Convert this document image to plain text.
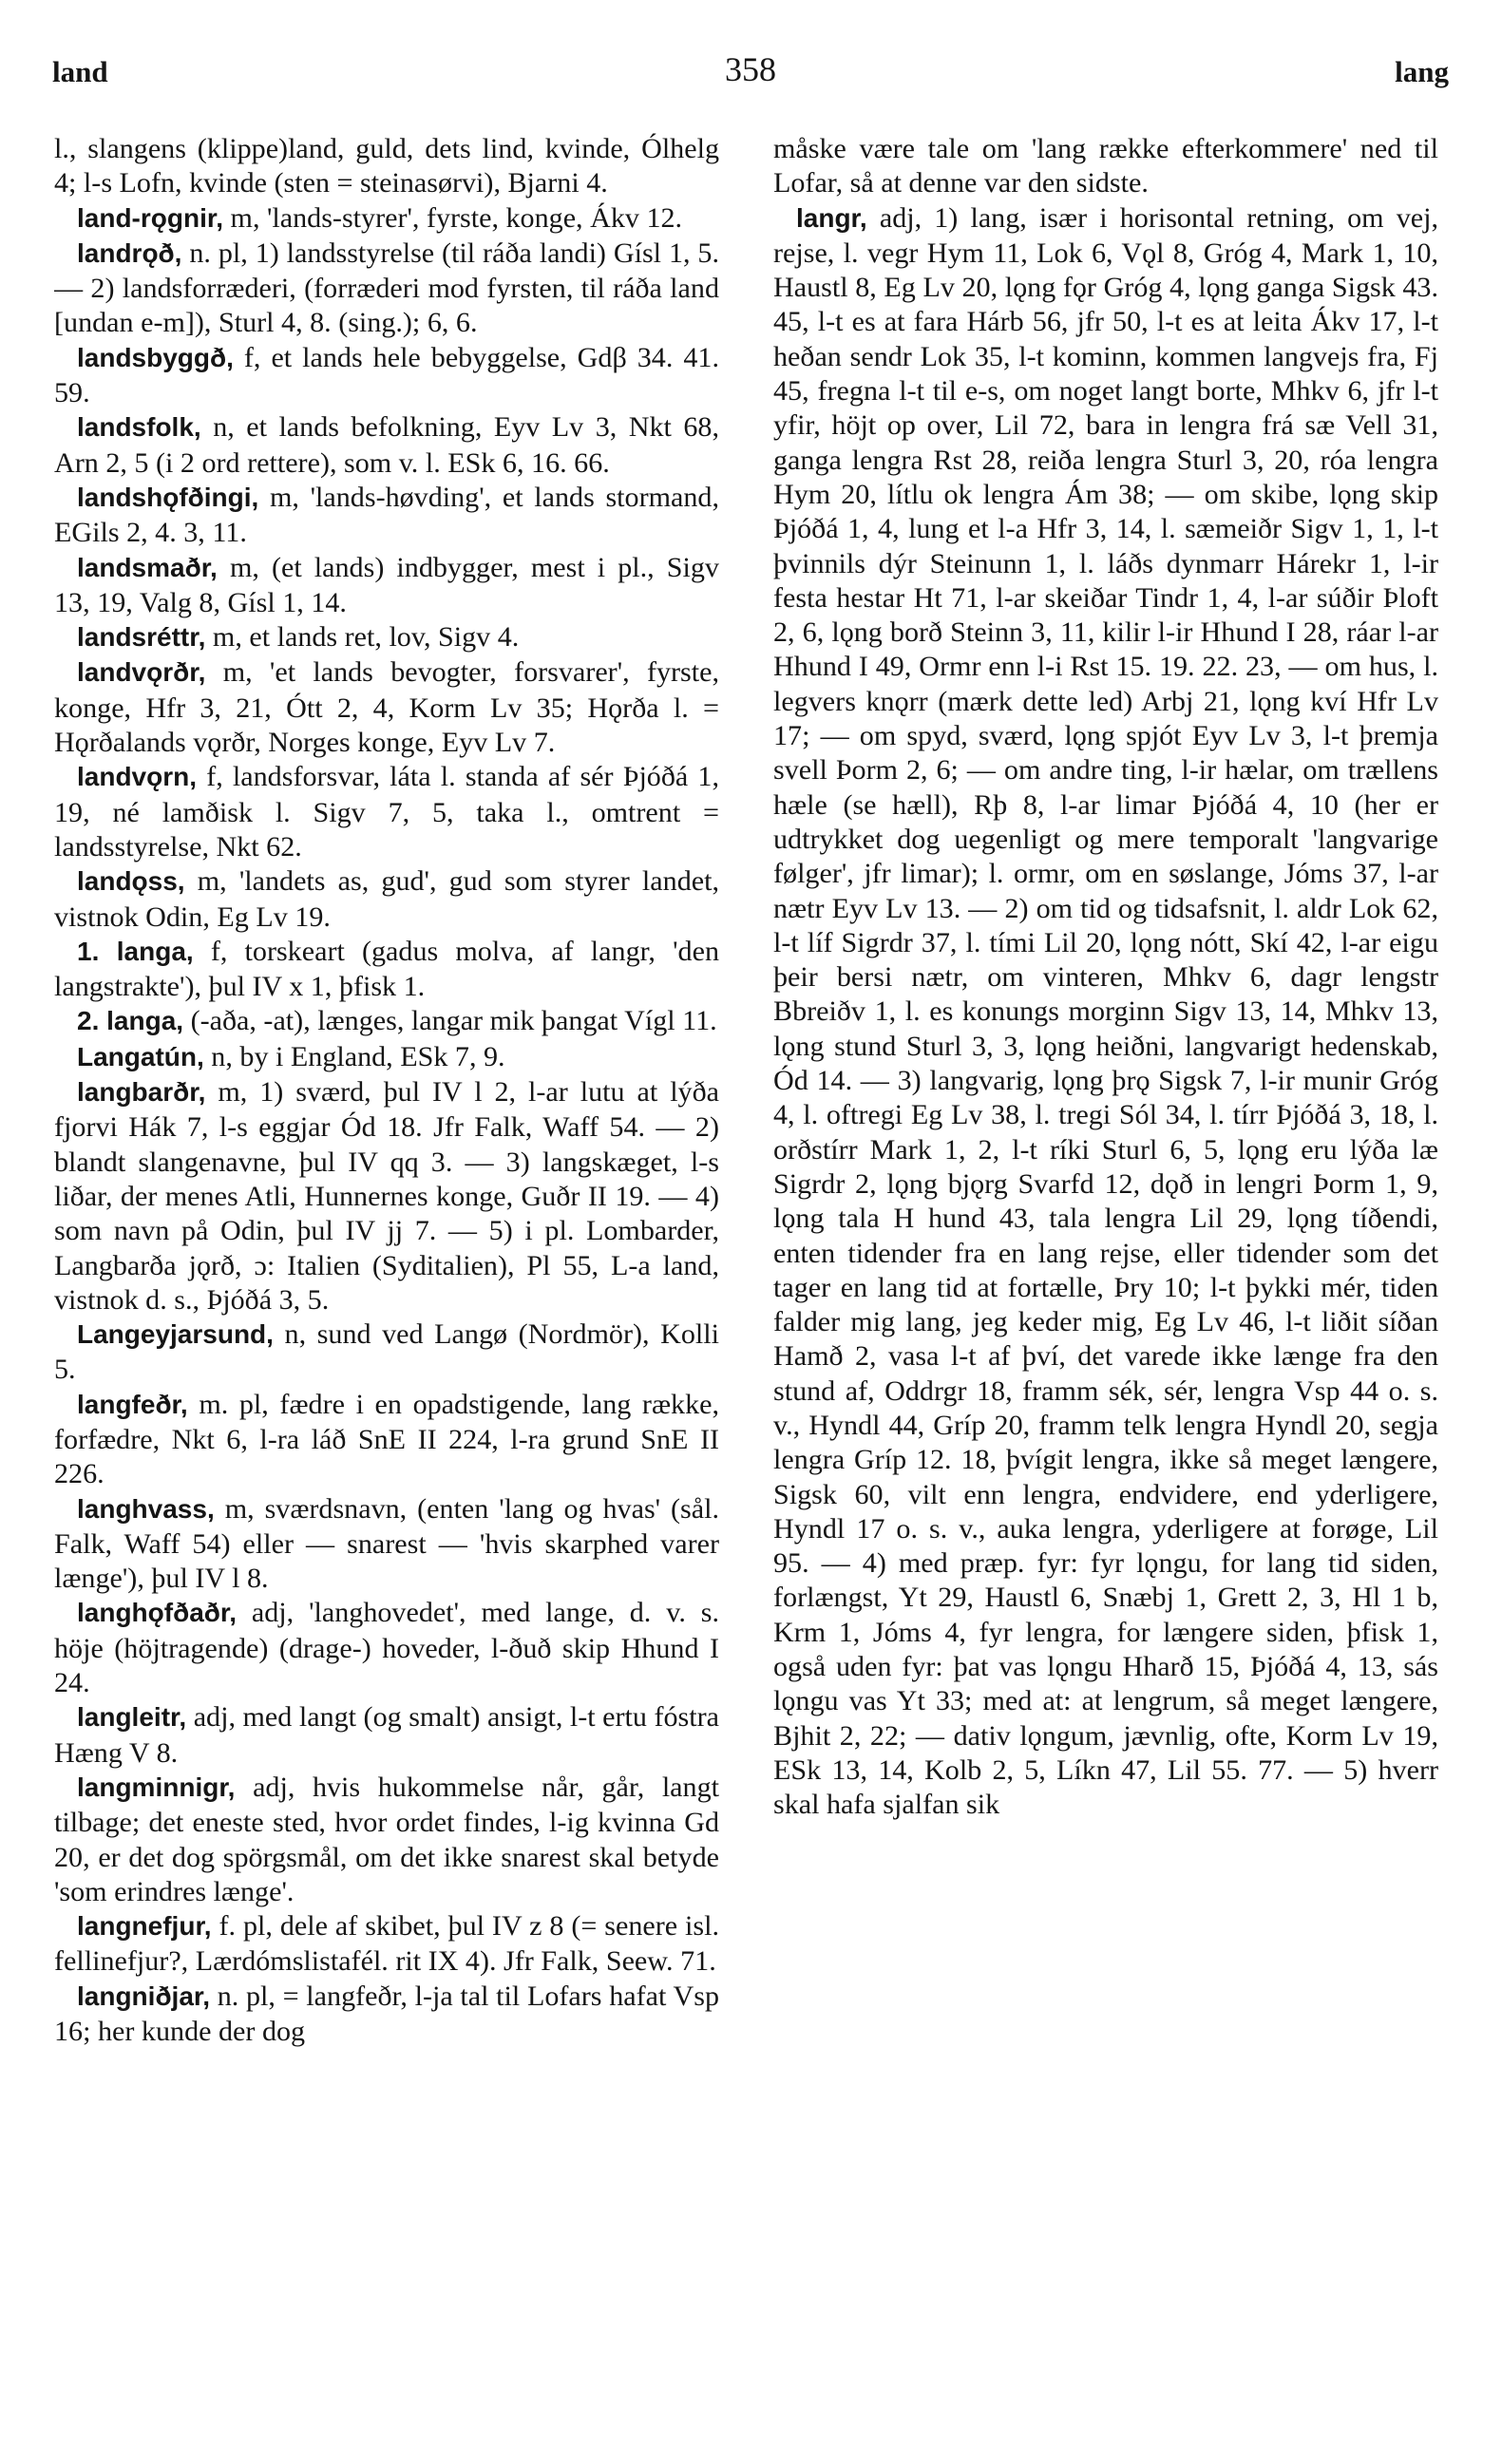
land	358	lang

l., slangens (klippe)land, guld, dets lind, kvinde, Ólhelg 4; l-s Lofn, kvinde (sten = steinasørvi), Bjarni 4.

land-rǫgnir, m, 'lands-styrer', fyrste, konge, Ákv 12.

landrǫð, n. pl, 1) landsstyrelse (til ráða landi) Gísl 1, 5. — 2) landsforræderi, (forræderi mod fyrsten, til ráða land [undan e-m]), Sturl 4, 8. (sing.); 6, 6.

landsbyggð, f, et lands hele bebyggelse, Gdβ 34. 41. 59.

landsfolk, n, et lands befolkning, Eyv Lv 3, Nkt 68, Arn 2, 5 (i 2 ord rettere), som v. l. ESk 6, 16. 66.

landshǫfðingi, m, 'lands-høvding', et lands stormand, EGils 2, 4. 3, 11.

landsmaðr, m, (et lands) indbygger, mest i pl., Sigv 13, 19, Valg 8, Gísl 1, 14.

landsréttr, m, et lands ret, lov, Sigv 4.

landvǫrðr, m, 'et lands bevogter, forsvarer', fyrste, konge, Hfr 3, 21, Ótt 2, 4, Korm Lv 35; Hǫrða l. = Hǫrðalands vǫrðr, Norges konge, Eyv Lv 7.

landvǫrn, f, landsforsvar, láta l. standa af sér Þjóðá 1, 19, né lamðisk l. Sigv 7, 5, taka l., omtrent = landsstyrelse, Nkt 62.

landǫss, m, 'landets as, gud', gud som styrer landet, vistnok Odin, Eg Lv 19.

1. langa, f, torskeart (gadus molva, af langr, 'den langstrakte'), þul IV x 1, þfisk 1.

2. langa, (-aða, -at), længes, langar mik þangat Vígl 11.

Langatún, n, by i England, ESk 7, 9.

langbarðr, m, 1) sværd, þul IV l 2, l-ar lutu at lýða fjorvi Hák 7, l-s eggjar Ód 18. Jfr Falk, Waff 54. — 2) blandt slangenavne, þul IV qq 3. — 3) langskæget, l-s liðar, der menes Atli, Hunnernes konge, Guðr II 19. — 4) som navn på Odin, þul IV jj 7. — 5) i pl. Lombarder, Langbarða jǫrð, ɔ: Italien (Syditalien), Pl 55, L-a land, vistnok d. s., Þjóðá 3, 5.

Langeyjarsund, n, sund ved Langø (Nordmör), Kolli 5.

langfeðr, m. pl, fædre i en opadstigende, lang række, forfædre, Nkt 6, l-ra láð SnE II 224, l-ra grund SnE II 226.

langhvass, m, sværdsnavn, (enten 'lang og hvas' (sål. Falk, Waff 54) eller — snarest — 'hvis skarphed varer længe'), þul IV l 8.

langhǫfðaðr, adj, 'langhovedet', med lange, d. v. s. höje (höjtragende) (drage-) hoveder, l-ðuð skip Hhund I 24.

langleitr, adj, med langt (og smalt) ansigt, l-t ertu fóstra Hæng V 8.

langminnigr, adj, hvis hukommelse når, går, langt tilbage; det eneste sted, hvor ordet findes, l-ig kvinna Gd 20, er det dog spörgsmål, om det ikke snarest skal betyde 'som erindres længe'.

langnefjur, f. pl, dele af skibet, þul IV z 8 (= senere isl. fellinefjur?, Lærdómslistafél. rit IX 4). Jfr Falk, Seew. 71.

langniðjar, n. pl, = langfeðr, l-ja tal til Lofars hafat Vsp 16; her kunde der dog

måske være tale om 'lang række efterkommere' ned til Lofar, så at denne var den sidste.

langr, adj, 1) lang, især i horisontal retning, om vej, rejse, l. vegr Hym 11, Lok 6, Vǫl 8, Gróg 4, Mark 1, 10, Haustl 8, Eg Lv 20, lǫng fǫr Gróg 4, lǫng ganga Sigsk 43. 45, l-t es at fara Hárb 56, jfr 50, l-t es at leita Ákv 17, l-t heðan sendr Lok 35, l-t kominn, kommen langvejs fra, Fj 45, fregna l-t til e-s, om noget langt borte, Mhkv 6, jfr l-t yfir, höjt op over, Lil 72, bara in lengra frá sæ Vell 31, ganga lengra Rst 28, reiða lengra Sturl 3, 20, róa lengra Hym 20, lítlu ok lengra Ám 38; — om skibe, lǫng skip Þjóðá 1, 4, lung et l-a Hfr 3, 14, l. sæmeiðr Sigv 1, 1, l-t þvinnils dýr Steinunn 1, l. láðs dynmarr Hárekr 1, l-ir festa hestar Ht 71, l-ar skeiðar Tindr 1, 4, l-ar súðir Þloft 2, 6, lǫng borð Steinn 3, 11, kilir l-ir Hhund I 28, ráar l-ar Hhund I 49, Ormr enn l-i Rst 15. 19. 22. 23, — om hus, l. legvers knǫrr (mærk dette led) Arbj 21, lǫng kví Hfr Lv 17; — om spyd, sværd, lǫng spjót Eyv Lv 3, l-t þremja svell Þorm 2, 6; — om andre ting, l-ir hælar, om trællens hæle (se hæll), Rþ 8, l-ar limar Þjóðá 4, 10 (her er udtrykket dog uegenligt og mere temporalt 'langvarige følger', jfr limar); l. ormr, om en søslange, Jóms 37, l-ar nætr Eyv Lv 13. — 2) om tid og tidsafsnit, l. aldr Lok 62, l-t líf Sigrdr 37, l. tími Lil 20, lǫng nótt, Skí 42, l-ar eigu þeir bersi nætr, om vinteren, Mhkv 6, dagr lengstr Bbreiðv 1, l. es konungs morginn Sigv 13, 14, Mhkv 13, lǫng stund Sturl 3, 3, lǫng heiðni, langvarigt hedenskab, Ód 14. — 3) langvarig, lǫng þrǫ Sigsk 7, l-ir munir Gróg 4, l. oftregi Eg Lv 38, l. tregi Sól 34, l. tírr Þjóðá 3, 18, l. orðstírr Mark 1, 2, l-t ríki Sturl 6, 5, lǫng eru lýða læ Sigrdr 2, lǫng bjǫrg Svarfd 12, dǫð in lengri Þorm 1, 9, lǫng tala H hund 43, tala lengra Lil 29, lǫng tíðendi, enten tidender fra en lang rejse, eller tidender som det tager en lang tid at fortælle, Þry 10; l-t þykki mér, tiden falder mig lang, jeg keder mig, Eg Lv 46, l-t liðit síðan Hamð 2, vasa l-t af því, det varede ikke længe fra den stund af, Oddrgr 18, framm sék, sér, lengra Vsp 44 o. s. v., Hyndl 44, Gríp 20, framm telk lengra Hyndl 20, segja lengra Gríp 12. 18, þvígit lengra, ikke så meget længere, Sigsk 60, vilt enn lengra, endvidere, end yderligere, Hyndl 17 o. s. v., auka lengra, yderligere at forøge, Lil 95. — 4) med præp. fyr: fyr lǫngu, for lang tid siden, forlængst, Yt 29, Haustl 6, Snæbj 1, Grett 2, 3, Hl 1 b, Krm 1, Jóms 4, fyr lengra, for længere siden, þfisk 1, også uden fyr: þat vas lǫngu Hharð 15, Þjóðá 4, 13, sás lǫngu vas Yt 33; med at: at lengrum, så meget længere, Bjhit 2, 22; — dativ lǫngum, jævnlig, ofte, Korm Lv 19, ESk 13, 14, Kolb 2, 5, Líkn 47, Lil 55. 77. — 5) hverr skal hafa sjalfan sik
